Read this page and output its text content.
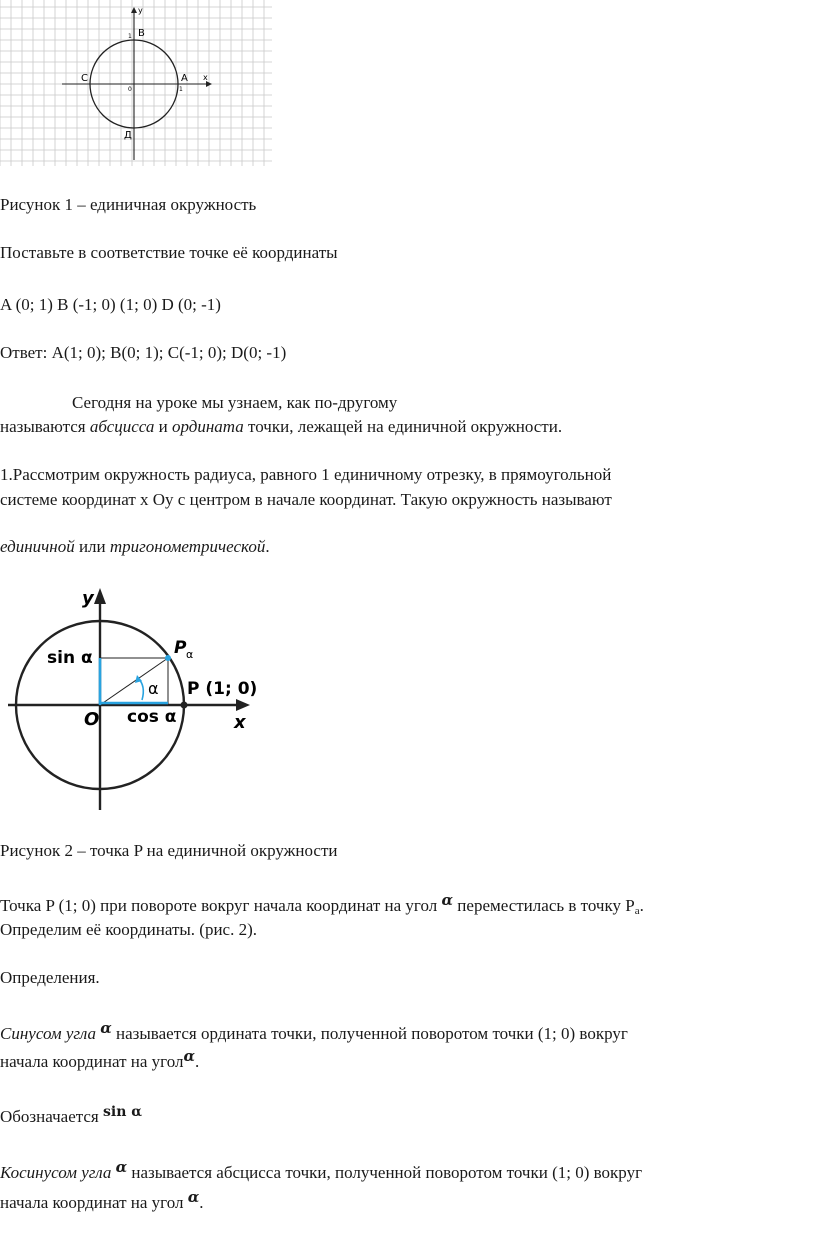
y
x
A
B
C
Д
0	1
1
Рисунок 1 – единичная окружность
Поставьте в соответствие точке её координаты
A (0; 1) B (-1; 0) (1; 0) D (0; -1)
Ответ: A(1; 0); B(0; 1); C(-1; 0); D(0; -1)
Сегодня на уроке мы узнаем, как по-другому
называются абсцисса и ордината точки, лежащей на единичной окружности.
1.Рассмотрим окружность радиуса, равного 1 единичному отрезку, в прямоугольной
системе координат x Oy с центром в начале координат. Такую окружность называют
единичной или тригонометрической.
y
x
O
sin α
cos α
α
P α
P (1; 0)
Рисунок 2 – точка P на единичной окружности
Точка P (1; 0) при повороте вокруг начала координат на угол α переместилась в точку $P_a$.
Определим её координаты. (рис. 2).
Определения.
Синусом угла α называется ордината точки, полученной поворотом точки (1; 0) вокруг
начала координат на уголα.
Обозначается $^{sin \alpha}$
Косинусом угла α называется абсцисса точки, полученной поворотом точки (1; 0) вокруг
начала координат на угол α.
